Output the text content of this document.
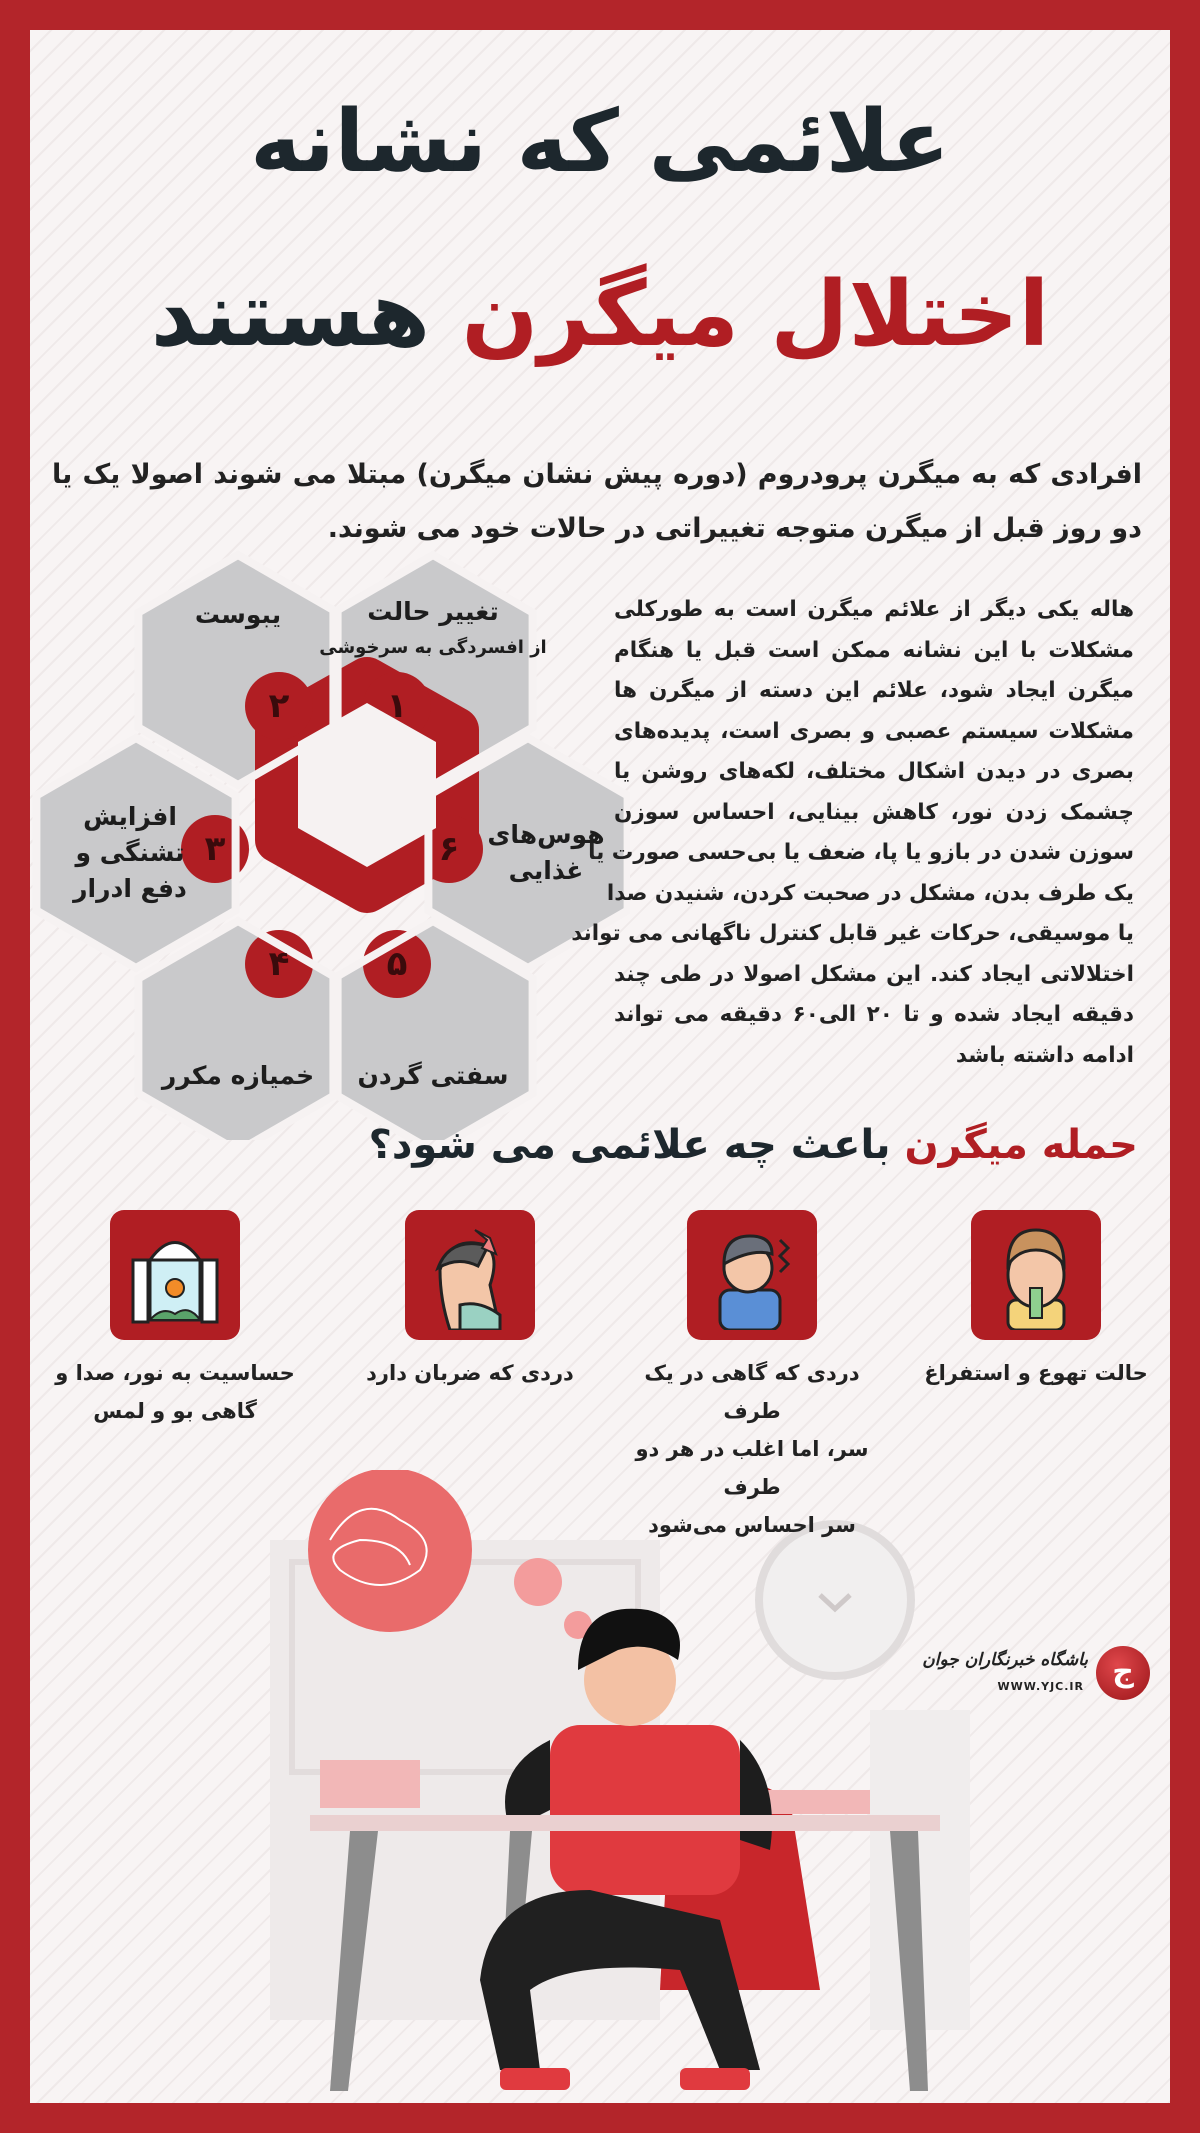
علائمی که نشانه
اختلال میگرن هستند
افرادی که به میگرن پرودروم (دوره پیش نشان میگرن) مبتلا می شوند اصولا یک یا دو روز قبل از میگرن متوجه تغییراتی در حالات خود می شوند.
هاله یکی دیگر از علائم میگرن است به طورکلی
مشکلات با این نشانه ممکن است قبل یا هنگام
میگرن ایجاد شود، علائم این دسته از میگرن ها
مشکلات سیستم عصبی و بصری است، پدیده‌های
بصری در دیدن اشکال مختلف، لکه‌های روشن یا
چشمک زدن نور، کاهش بینایی، احساس سوزن
سوزن شدن در بازو یا پا، ضعف یا بی‌حسی صورت یا
یک طرف بدن، مشکل در صحبت کردن، شنیدن صدا
یا موسیقی، حرکات غیر قابل کنترل ناگهانی می تواند
اختلالاتی ایجاد کند. این مشکل اصولا در طی چند
دقیقه ایجاد شده و تا ۲۰ الی۶۰ دقیقه می تواند
ادامه داشته باشد
حمله میگرن باعث چه علائمی می شود؟
باشگاه خبرنگاران جوان
WWW.YJC.IR ج
۱
۲
۳
۴	۵
۶
تغییر حالت
از افسردگی به سرخوشی
یبوست
افزایش
تشنگی و
دفع ادرار
خمیازه مکرر سفتی گردن
هوس‌های
غذایی
حالت تهوع و استفراغ
دردی که گاهی در یک طرف
سر، اما اغلب در هر دو طرف
سر احساس می‌شود
دردی که ضربان دارد
حساسیت به نور، صدا و
گاهی بو و لمس
